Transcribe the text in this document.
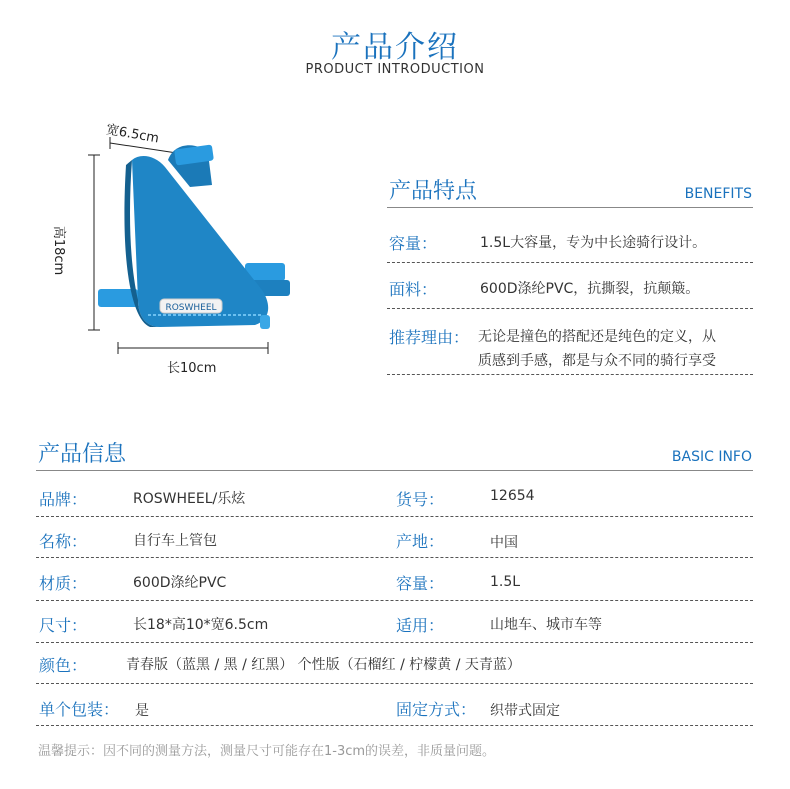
产品介绍
PRODUCT INTRODUCTION
ROSWHEEL
宽6.5cm
高18cm
长10cm
产品特点	BENEFITS
容量：	1.5L大容量，专为中长途骑行设计。
面料：	600D涤纶PVC，抗撕裂，抗颠簸。
推荐理由： 无论是撞色的搭配还是纯色的定义，从
质感到手感，都是与众不同的骑行享受
产品信息	BASIC INFO
品牌：	ROSWHEEL/乐炫	货号：	12654
名称：	自行车上管包	产地：	中国
材质：	600D涤纶PVC	容量：	1.5L
尺寸：	长18*高10*宽6.5cm	适用：	山地车、城市车等
颜色：	青春版（蓝黑 / 黑 / 红黑） 个性版（石榴红 / 柠檬黄 / 天青蓝）
单个包装： 是	固定方式： 织带式固定
温馨提示：因不同的测量方法，测量尺寸可能存在1-3cm的误差，非质量问题。
